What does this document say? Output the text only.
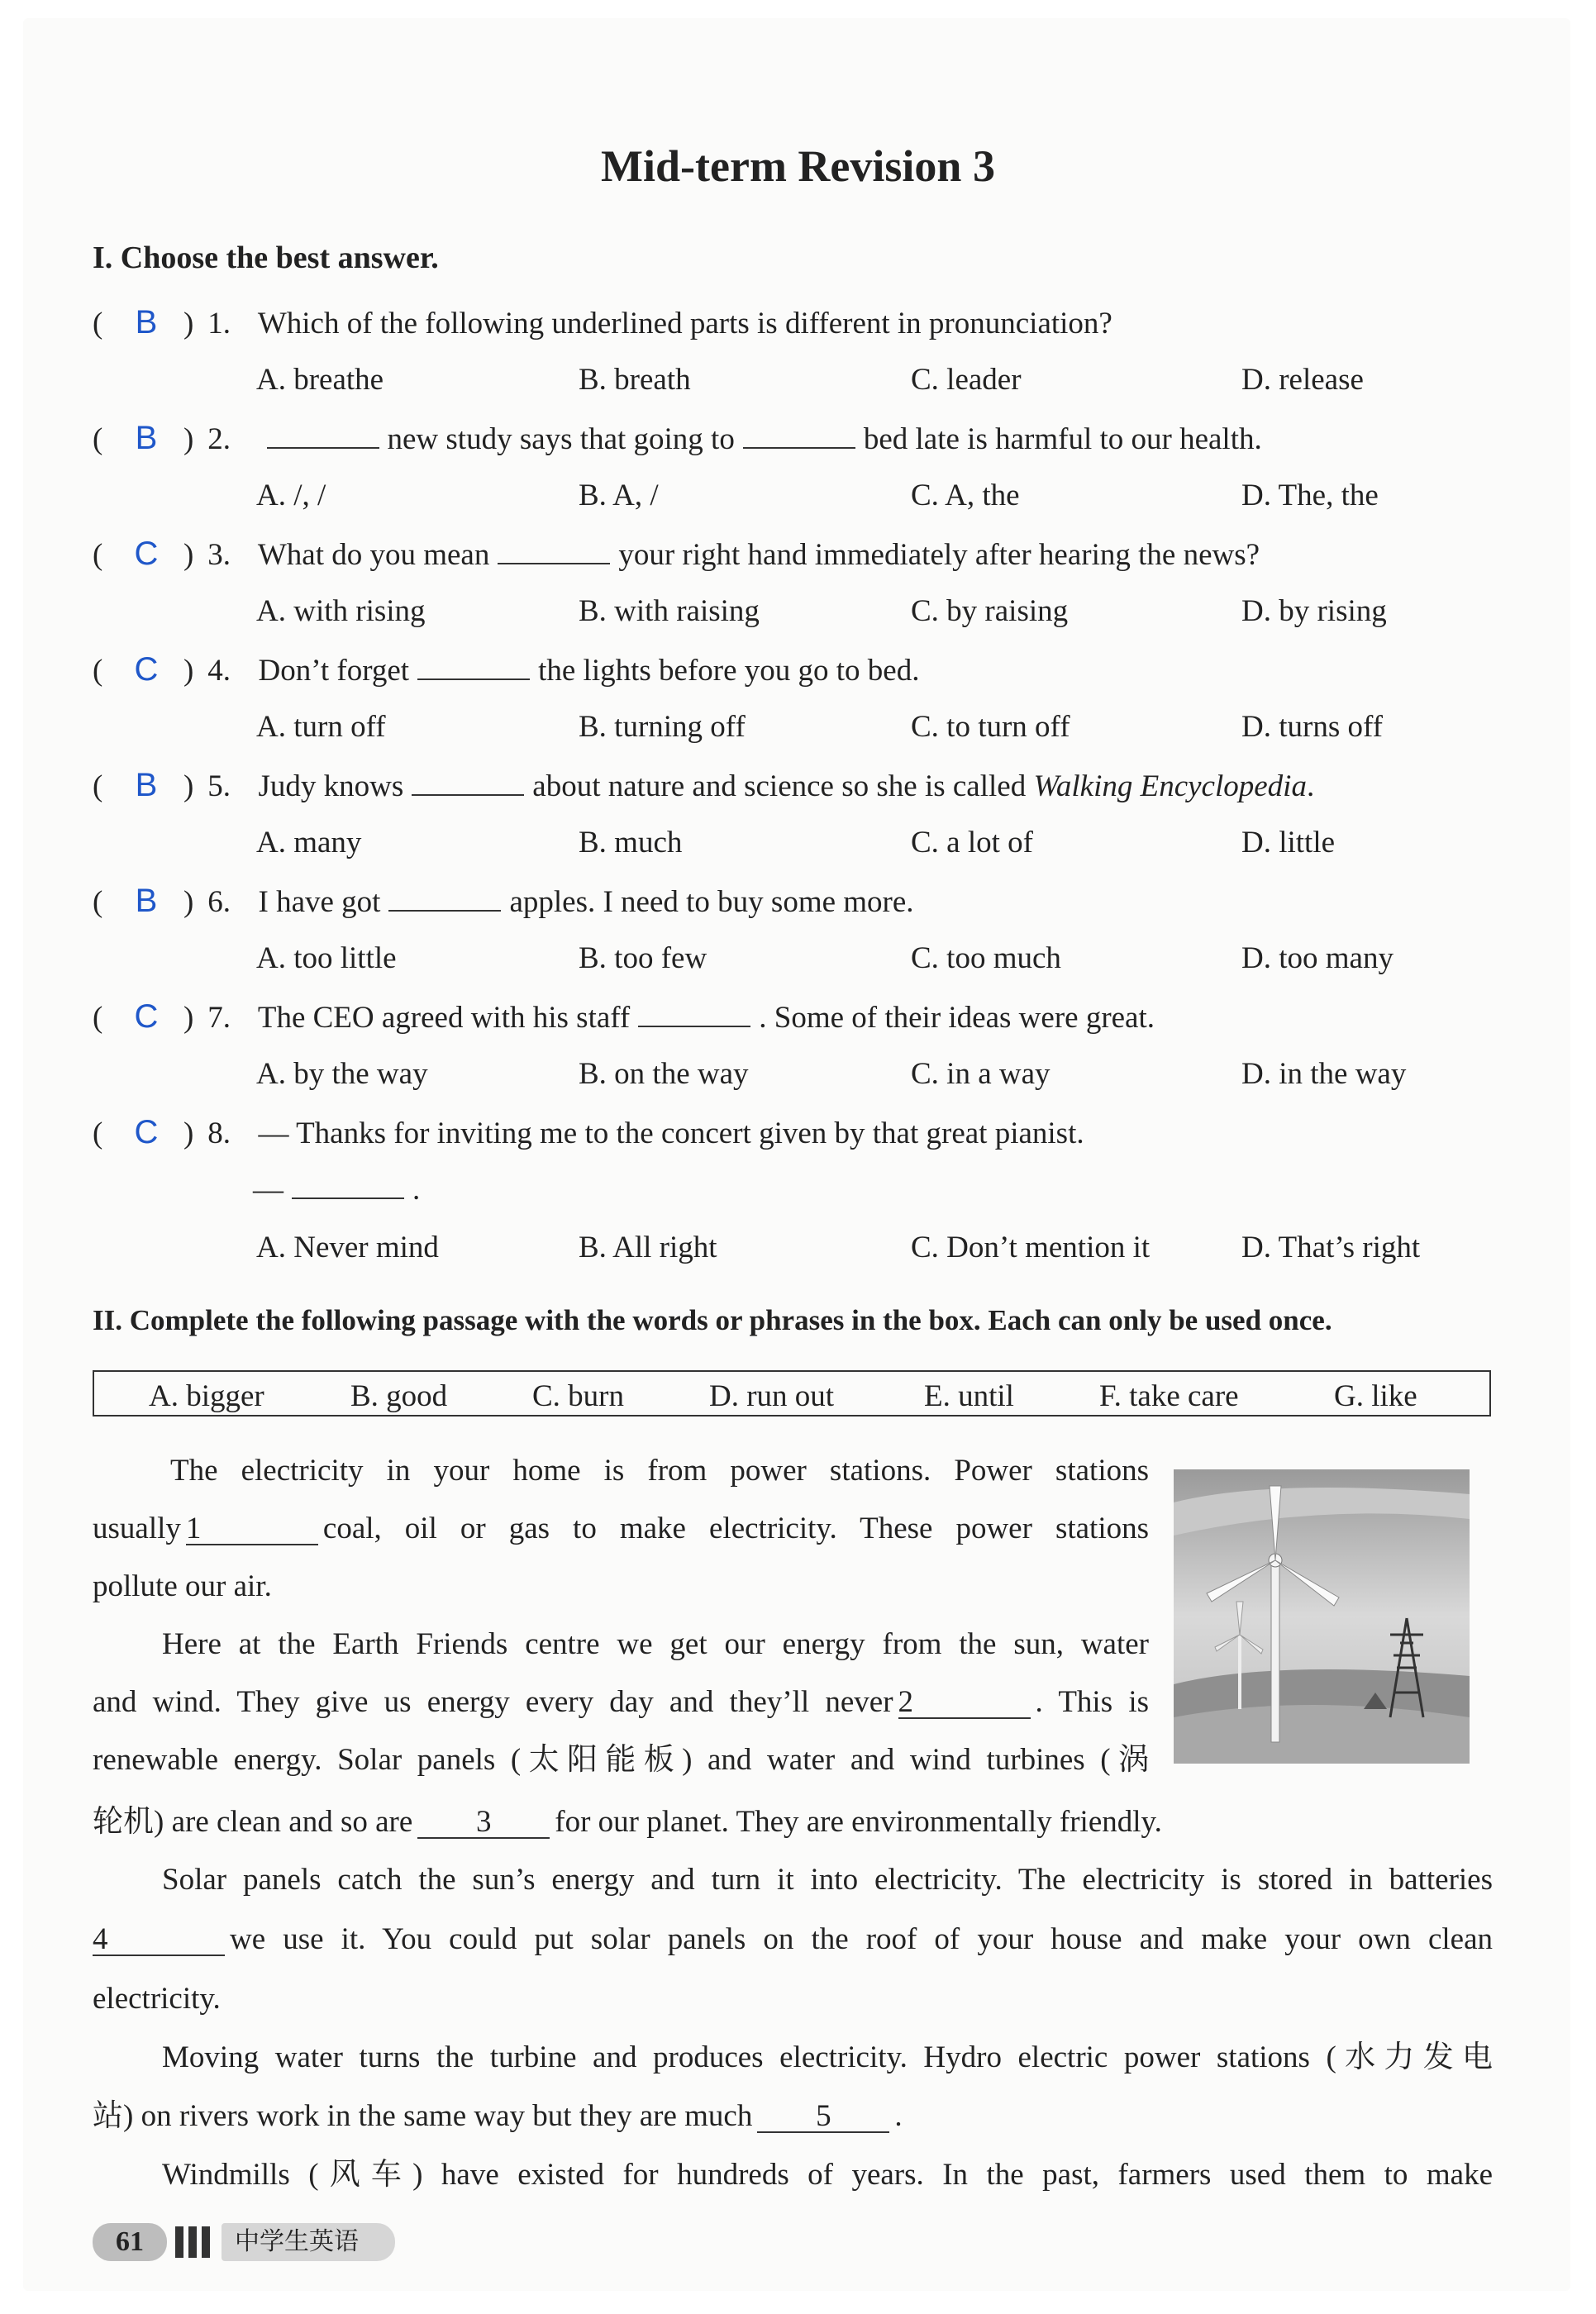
Mid-term Revision 3
I. Choose the best answer.
( B ) 1. Which of the following underlined parts is different in pronunciation?
A. breathe	B. breath	C. leader	D. release
( B ) 2.	new study says that going to	bed late is harmful to our health.
A. /, /	B. A, /	C. A, the	D. The, the
( C ) 3. What do you mean	your right hand immediately after hearing the news?
A. with rising	B. with raising	C. by raising	D. by rising
( C ) 4. Don’t forget	the lights before you go to bed.
A. turn off	B. turning off	C. to turn off	D. turns off
( B ) 5. Judy knows	about nature and science so she is called Walking Encyclopedia.
A. many	B. much	C. a lot of	D. little
( B ) 6. I have got	apples. I need to buy some more.
A. too little	B. too few	C. too much	D. too many
( C ) 7. The CEO agreed with his staff	. Some of their ideas were great.
A. by the way	B. on the way	C. in a way	D. in the way
( C ) 8. — Thanks for inviting me to the concert given by that great pianist.
—	.
A. Never mind	B. All right	C. Don’t mention it	D. That’s right
II. Complete the following passage with the words or phrases in the box. Each can only be used once.
A. bigger	B. good	C. burn	D. run out	E. until	F. take care	G. like
The electricity in your home is from power stations. Power stations
usually 1	coal, oil or gas to make electricity. These power stations
pollute our air.
Here at the Earth Friends centre we get our energy from the sun, water
and wind. They give us energy every day and they’ll never 2	. This is
renewable energy. Solar panels (太阳能板) and water and wind turbines (涡
轮机) are clean and so are 3 for our planet. They are environmentally friendly.
Solar panels catch the sun’s energy and turn it into electricity. The electricity is stored in batteries
4	we use it. You could put solar panels on the roof of your house and make your own clean
electricity.
Moving water turns the turbine and produces electricity. Hydro electric power stations (水力发电
站) on rivers work in the same way but they are much 5 .
Windmills (风车) have existed for hundreds of years. In the past, farmers used them to make
61	中学生英语
